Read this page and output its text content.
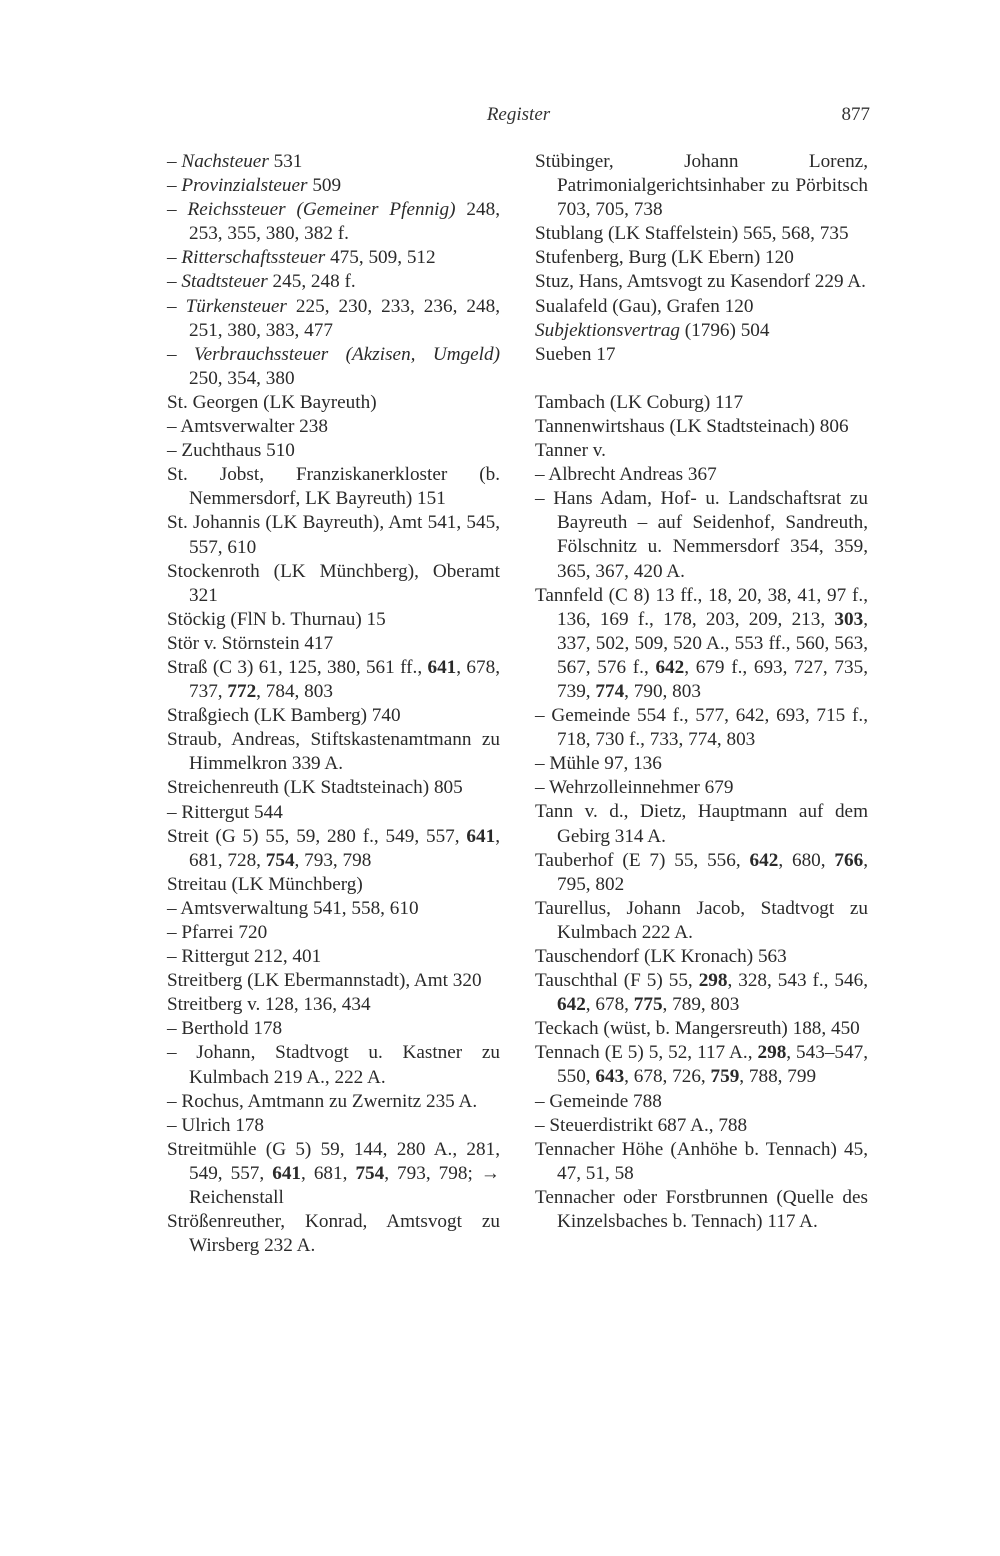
Register	877
– Nachsteuer 531
– Provinzialsteuer 509
– Reichssteuer (Gemeiner Pfennig) 248, 253, 355, 380, 382 f.
– Ritterschaftssteuer 475, 509, 512
– Stadtsteuer 245, 248 f.
– Türkensteuer 225, 230, 233, 236, 248, 251, 380, 383, 477
– Verbrauchssteuer (Akzisen, Umgeld) 250, 354, 380
St. Georgen (LK Bayreuth)
– Amtsverwalter 238
– Zuchthaus 510
St. Jobst, Franziskanerkloster (b. Nemmersdorf, LK Bayreuth) 151
St. Johannis (LK Bayreuth), Amt 541, 545, 557, 610
Stockenroth (LK Münchberg), Oberamt 321
Stöckig (FlN b. Thurnau) 15
Stör v. Störnstein 417
Straß (C 3) 61, 125, 380, 561 ff., 641, 678, 737, 772, 784, 803
Straßgiech (LK Bamberg) 740
Straub, Andreas, Stiftskastenamtmann zu Himmelkron 339 A.
Streichenreuth (LK Stadtsteinach) 805
– Rittergut 544
Streit (G 5) 55, 59, 280 f., 549, 557, 641, 681, 728, 754, 793, 798
Streitau (LK Münchberg)
– Amtsverwaltung 541, 558, 610
– Pfarrei 720
– Rittergut 212, 401
Streitberg (LK Ebermannstadt), Amt 320
Streitberg v. 128, 136, 434
– Berthold 178
– Johann, Stadtvogt u. Kastner zu Kulmbach 219 A., 222 A.
– Rochus, Amtmann zu Zwernitz 235 A.
– Ulrich 178
Streitmühle (G 5) 59, 144, 280 A., 281, 549, 557, 641, 681, 754, 793, 798; → Reichenstall
Strößenreuther, Konrad, Amtsvogt zu Wirsberg 232 A.
Stübinger, Johann Lorenz, Patrimonialgerichtsinhaber zu Pörbitsch 703, 705, 738
Stublang (LK Staffelstein) 565, 568, 735
Stufenberg, Burg (LK Ebern) 120
Stuz, Hans, Amtsvogt zu Kasendorf 229 A.
Sualafeld (Gau), Grafen 120
Subjektionsvertrag (1796) 504
Sueben 17
Tambach (LK Coburg) 117
Tannenwirtshaus (LK Stadtsteinach) 806
Tanner v.
– Albrecht Andreas 367
– Hans Adam, Hof- u. Landschaftsrat zu Bayreuth – auf Seidenhof, Sandreuth, Fölschnitz u. Nemmersdorf 354, 359, 365, 367, 420 A.
Tannfeld (C 8) 13 ff., 18, 20, 38, 41, 97 f., 136, 169 f., 178, 203, 209, 213, 303, 337, 502, 509, 520 A., 553 ff., 560, 563, 567, 576 f., 642, 679 f., 693, 727, 735, 739, 774, 790, 803
– Gemeinde 554 f., 577, 642, 693, 715 f., 718, 730 f., 733, 774, 803
– Mühle 97, 136
– Wehrzolleinnehmer 679
Tann v. d., Dietz, Hauptmann auf dem Gebirg 314 A.
Tauberhof (E 7) 55, 556, 642, 680, 766, 795, 802
Taurellus, Johann Jacob, Stadtvogt zu Kulmbach 222 A.
Tauschendorf (LK Kronach) 563
Tauschthal (F 5) 55, 298, 328, 543 f., 546, 642, 678, 775, 789, 803
Teckach (wüst, b. Mangersreuth) 188, 450
Tennach (E 5) 5, 52, 117 A., 298, 543–547, 550, 643, 678, 726, 759, 788, 799
– Gemeinde 788
– Steuerdistrikt 687 A., 788
Tennacher Höhe (Anhöhe b. Tennach) 45, 47, 51, 58
Tennacher oder Forstbrunnen (Quelle des Kinzelsbaches b. Tennach) 117 A.
